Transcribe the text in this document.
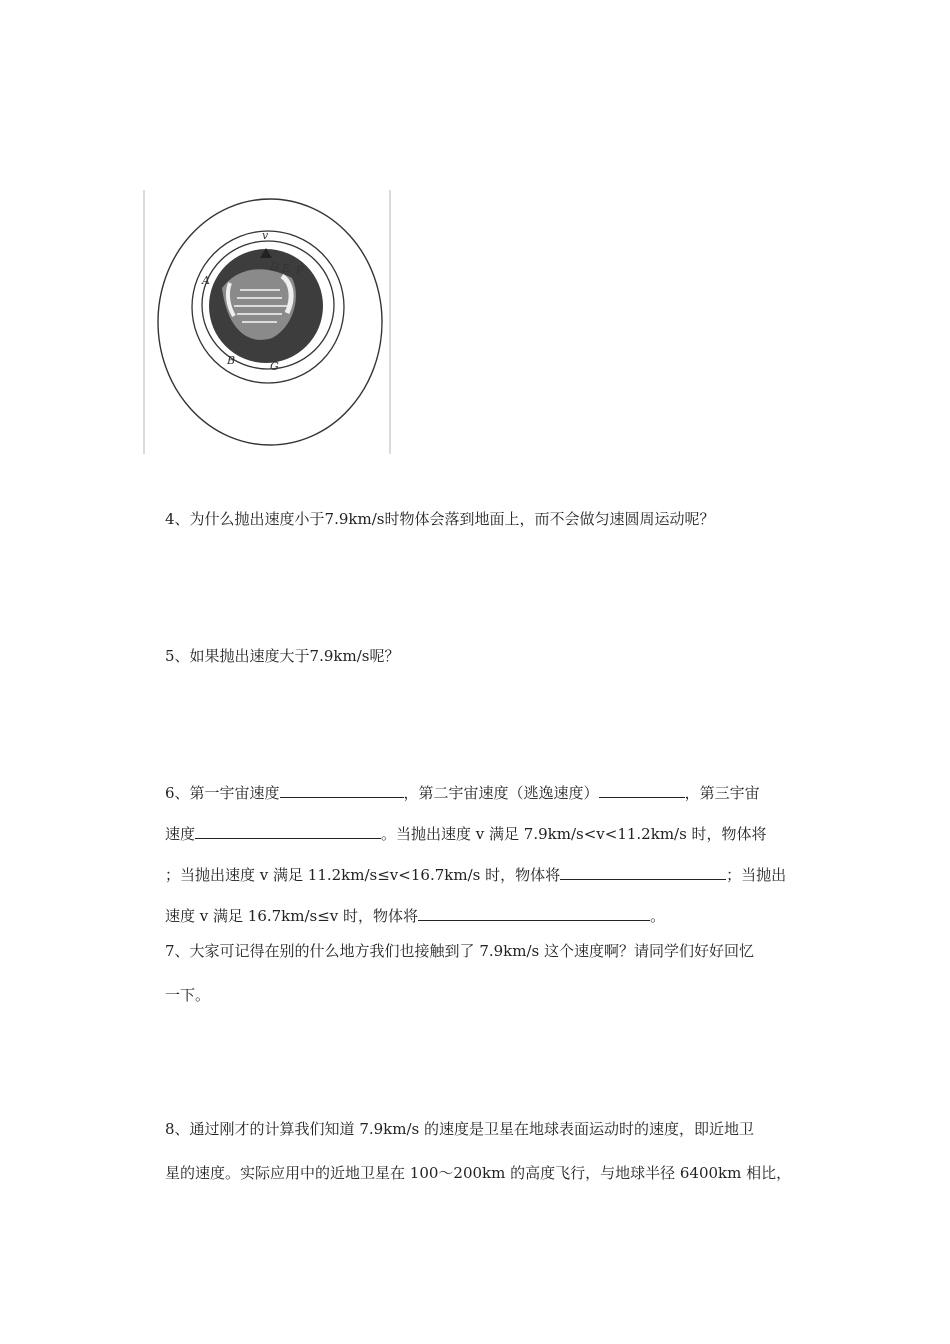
v
A
D E F
B	G
4、为什么抛出速度小于7.9km/s时物体会落到地面上，而不会做匀速圆周运动呢？
5、如果抛出速度大于7.9km/s呢？
6、第一宇宙速度	，第二宇宙速度（逃逸速度）	，第三宇宙
速度	。当抛出速度 v 满足 7.9km/s<v<11.2km/s 时，物体将
；当抛出速度 v 满足 11.2km/s≤v<16.7km/s 时，物体将	；当抛出
速度 v 满足 16.7km/s≤v 时，物体将	。
7、大家可记得在别的什么地方我们也接触到了 7.9km/s 这个速度啊？请同学们好好回忆
一下。
8、通过刚才的计算我们知道 7.9km/s 的速度是卫星在地球表面运动时的速度，即近地卫
星的速度。实际应用中的近地卫星在 100～200km 的高度飞行，与地球半径 6400km 相比，
